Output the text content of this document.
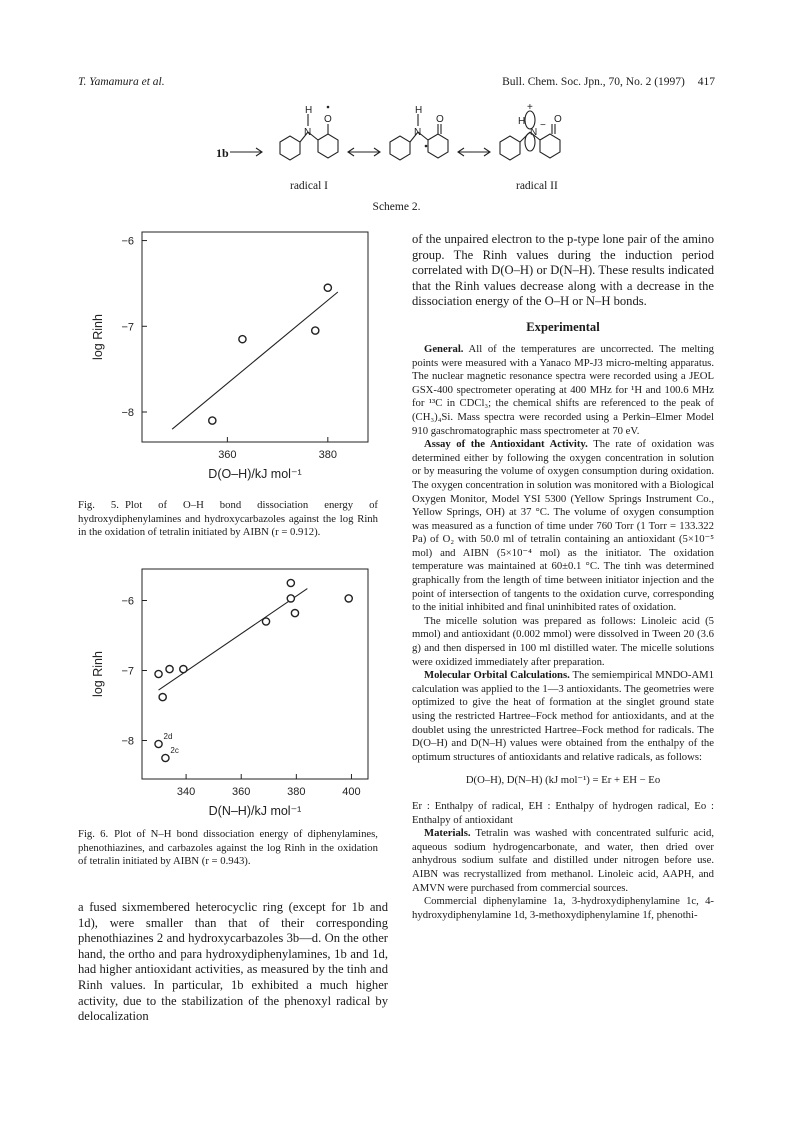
T. Yamamura et al.	Bull. Chem. Soc. Jpn., 70, No. 2 (1997) 417
H
N
O
H
N
O	H
N
O
+
−
1b
radical I	radical II
Scheme 2.
360	380
−6
−7
−8
D(O–H)/kJ mol⁻¹
log Rinh
Fig. 5. Plot of O–H bond dissociation energy of hydroxydiphenylamines and hydroxycarbazoles against the log Rinh in the oxidation of tetralin initiated by AIBN (r = 0.912).
340	360	380	400
−6
−7
−8	2d
2c
D(N–H)/kJ mol⁻¹
log Rinh
Fig. 6. Plot of N–H bond dissociation energy of diphenylamines, phenothiazines, and carbazoles against the log Rinh in the oxidation of tetralin initiated by AIBN (r = 0.943).

a fused sixmembered heterocyclic ring (except for 1b and 1d), were smaller than that of their corresponding phenothiazines 2 and hydroxycarbazoles 3b—d. On the other hand, the ortho and para hydroxydiphenylamines, 1b and 1d, had higher antioxidant activities, as measured by the tinh and Rinh values. In particular, 1b exhibited a much higher activity, due to the stabilization of the phenoxyl radical by delocalization

of the unpaired electron to the p-type lone pair of the amino group. The Rinh values during the induction period correlated with D(O–H) or D(N–H). These results indicated that the Rinh values decrease along with a decrease in the dissociation energy of the O–H or N–H bonds.

Experimental

General. All of the temperatures are uncorrected. The melting points were measured with a Yanaco MP-J3 micro-melting apparatus. The nuclear magnetic resonance spectra were recorded using a JEOL GSX-400 spectrometer operating at 400 MHz for ¹H and 100.6 MHz for ¹³C in CDCl₃; the chemical shifts are referenced to the peak of (CH₃)₄Si. Mass spectra were recorded using a Perkin–Elmer Model 910 gaschromatographic mass spectrometer at 70 eV.

Assay of the Antioxidant Activity. The rate of oxidation was determined either by following the oxygen concentration in solution or by measuring the volume of oxygen consumption during oxidation. The oxygen concentration in solution was monitored with a Biological Oxygen Monitor, Model YSI 5300 (Yellow Springs Instrument Co., Yellow Springs, OH) at 37 °C. The volume of oxygen consumption was measured as a function of time under 760 Torr (1 Torr = 133.322 Pa) of O₂ with 50.0 ml of tetralin containing an antioxidant (5×10⁻⁵ mol) and AIBN (5×10⁻⁴ mol) as the initiator. The oxidation temperature was maintained at 60±0.1 °C. The tinh was determined graphically from the length of time between initiator injection and the point of intersection of tangents to the oxidation curve, corresponding to the initial inhibited and final uninhibited rates of oxidation.

The micelle solution was prepared as follows: Linoleic acid (5 mmol) and antioxidant (0.002 mmol) were dissolved in Tween 20 (3.6 g) and then dispersed in 100 ml distilled water. The micelle solutions were oxidized immediately after preparation.

Molecular Orbital Calculations. The semiempirical MNDO-AM1 calculation was applied to the 1—3 antioxidants. The geometries were optimized to give the heat of formation at the singlet ground state using the restricted Hartree–Fock method for antioxidants, and at the doublet using the unrestricted Hartree–Fock method for radicals. The D(O–H) and D(N–H) values were obtained from the enthalpy of the optimum structures of antioxidants and relative radicals, as follows:

D(O–H), D(N–H) (kJ mol⁻¹) = Er + EH − Eo

Er : Enthalpy of radical, EH : Enthalpy of hydrogen radical, Eo : Enthalpy of antioxidant

Materials. Tetralin was washed with concentrated sulfuric acid, aqueous sodium hydrogencarbonate, and water, then dried over anhydrous sodium sulfate and distilled under nitrogen before use. AIBN was recrystallized from methanol. Linoleic acid, AAPH, and AMVN were purchased from commercial sources.

Commercial diphenylamine 1a, 3-hydroxydiphenylamine 1c, 4-hydroxydiphenylamine 1d, 3-methoxydiphenylamine 1f, phenothi-
